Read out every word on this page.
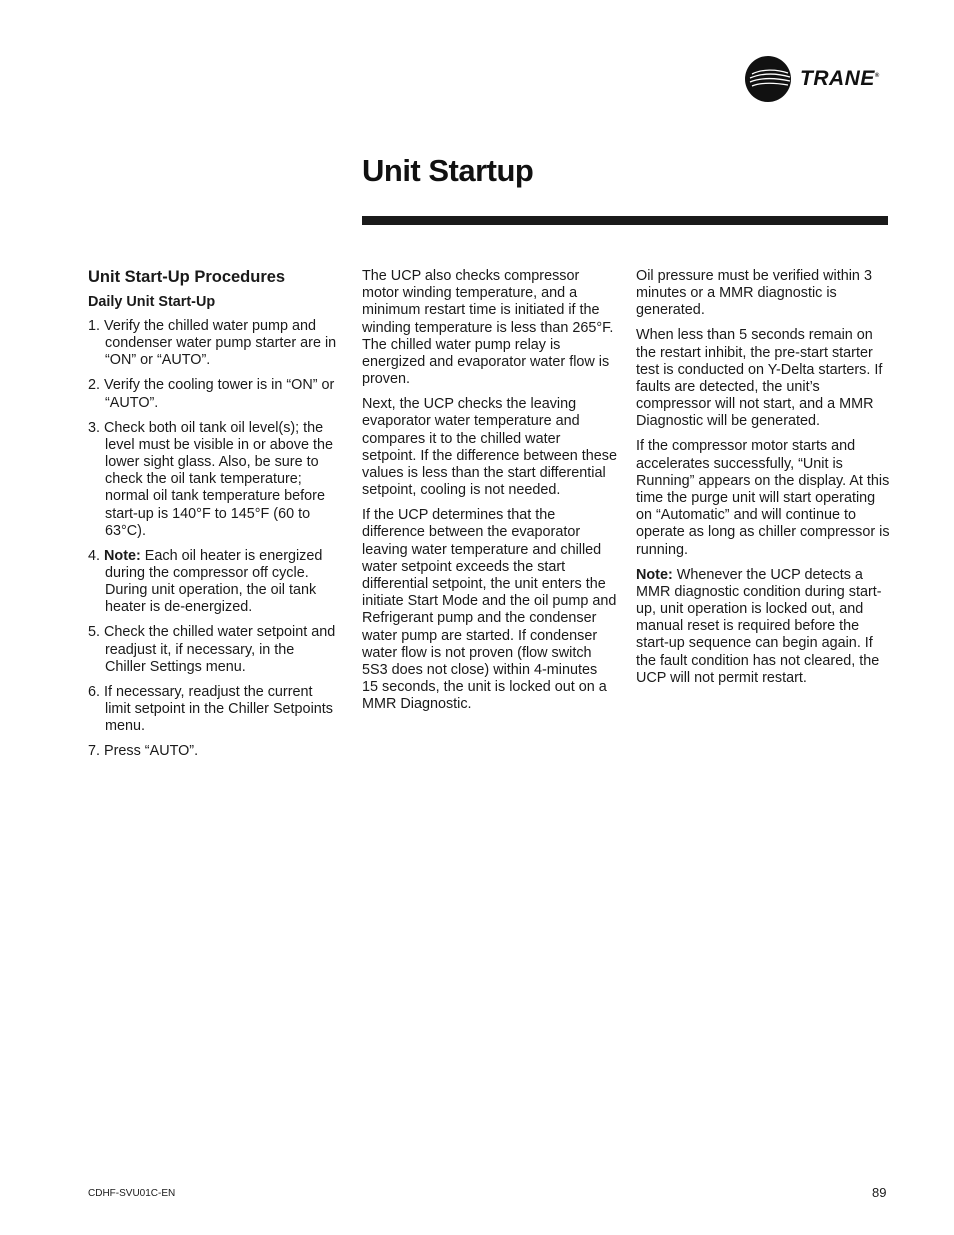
TRANE®
Unit Startup
Unit Start-Up Procedures
Daily Unit Start-Up
1. Verify the chilled water pump and condenser water pump starter are in “ON” or “AUTO”.
2. Verify the cooling tower is in “ON” or “AUTO”.
3. Check both oil tank oil level(s); the level must be visible in or above the lower sight glass. Also, be sure to check the oil tank temperature; normal oil tank temperature before start-up is 140°F to 145°F (60 to 63°C).
4. Note: Each oil heater is energized during the compressor off cycle. During unit operation, the oil tank heater is de-energized.
5. Check the chilled water setpoint and readjust it, if necessary, in the Chiller Settings menu.
6. If necessary, readjust the current limit setpoint in the Chiller Setpoints menu.
7. Press “AUTO”.

The UCP also checks compressor motor winding temperature, and a minimum restart time is initiated if the winding temperature is less than 265°F. The chilled water pump relay is energized and evaporator water flow is proven.

Next, the UCP checks the leaving evaporator water temperature and compares it to the chilled water setpoint. If the difference between these values is less than the start differential setpoint, cooling is not needed.

If the UCP determines that the difference between the evaporator leaving water temperature and chilled water setpoint exceeds the start differential setpoint, the unit enters the initiate Start Mode and the oil pump and Refrigerant pump and the condenser water pump are started. If condenser water flow is not proven (flow switch 5S3 does not close) within 4-minutes 15 seconds, the unit is locked out on a MMR Diagnostic.

Oil pressure must be verified within 3 minutes or a MMR diagnostic is generated.

When less than 5 seconds remain on the restart inhibit, the pre-start starter test is conducted on Y-Delta starters. If faults are detected, the unit’s compressor will not start, and a MMR Diagnostic will be generated.

If the compressor motor starts and accelerates successfully, “Unit is Running” appears on the display. At this time the purge unit will start operating on “Automatic” and will continue to operate as long as chiller compressor is running.

Note: Whenever the UCP detects a MMR diagnostic condition during start-up, unit operation is locked out, and manual reset is required before the start-up sequence can begin again. If the fault condition has not cleared, the UCP will not permit restart.

CDHF-SVU01C-EN	89
